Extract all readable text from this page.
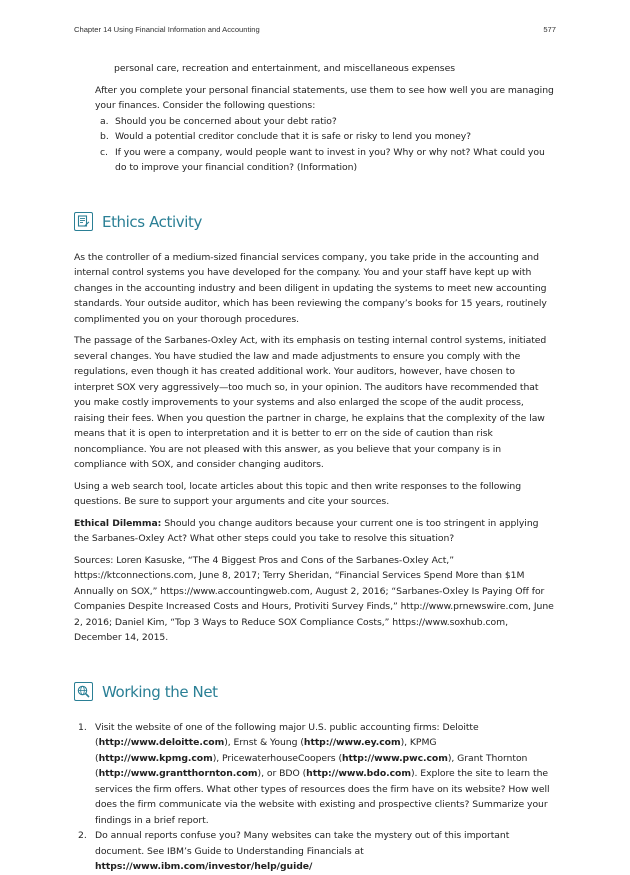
Chapter 14 Using Financial Information and Accounting	577

personal care, recreation and entertainment, and miscellaneous expenses

After you complete your personal financial statements, use them to see how well you are managing your finances. Consider the following questions:

a. Should you be concerned about your debt ratio?
b. Would a potential creditor conclude that it is safe or risky to lend you money?
c. If you were a company, would people want to invest in you? Why or why not? What could you do to improve your financial condition? (Information)
Ethics Activity

As the controller of a medium-sized financial services company, you take pride in the accounting and internal control systems you have developed for the company. You and your staff have kept up with changes in the accounting industry and been diligent in updating the systems to meet new accounting standards. Your outside auditor, which has been reviewing the company’s books for 15 years, routinely complimented you on your thorough procedures.

The passage of the Sarbanes-Oxley Act, with its emphasis on testing internal control systems, initiated several changes. You have studied the law and made adjustments to ensure you comply with the regulations, even though it has created additional work. Your auditors, however, have chosen to interpret SOX very aggressively—too much so, in your opinion. The auditors have recommended that you make costly improvements to your systems and also enlarged the scope of the audit process, raising their fees. When you question the partner in charge, he explains that the complexity of the law means that it is open to interpretation and it is better to err on the side of caution than risk noncompliance. You are not pleased with this answer, as you believe that your company is in compliance with SOX, and consider changing auditors.

Using a web search tool, locate articles about this topic and then write responses to the following questions. Be sure to support your arguments and cite your sources.

Ethical Dilemma: Should you change auditors because your current one is too stringent in applying the Sarbanes-Oxley Act? What other steps could you take to resolve this situation?

Sources: Loren Kasuske, “The 4 Biggest Pros and Cons of the Sarbanes-Oxley Act,” https://ktconnections.com, June 8, 2017; Terry Sheridan, “Financial Services Spend More than $1M Annually on SOX,” https://www.accountingweb.com, August 2, 2016; “Sarbanes-Oxley Is Paying Off for Companies Despite Increased Costs and Hours, Protiviti Survey Finds,” http://www.prnewswire.com, June 2, 2016; Daniel Kim, “Top 3 Ways to Reduce SOX Compliance Costs,” https://www.soxhub.com, December 14, 2015.

Working the Net
1. Visit the website of one of the following major U.S. public accounting firms: Deloitte (http://www.deloitte.com), Ernst & Young (http://www.ey.com), KPMG (http://www.kpmg.com), PricewaterhouseCoopers (http://www.pwc.com), Grant Thornton (http://www.grantthornton.com), or BDO (http://www.bdo.com). Explore the site to learn the services the firm offers. What other types of resources does the firm have on its website? How well does the firm communicate via the website with existing and prospective clients? Summarize your findings in a brief report.
2. Do annual reports confuse you? Many websites can take the mystery out of this important document. See IBM’s Guide to Understanding Financials at https://www.ibm.com/investor/help/guide/
